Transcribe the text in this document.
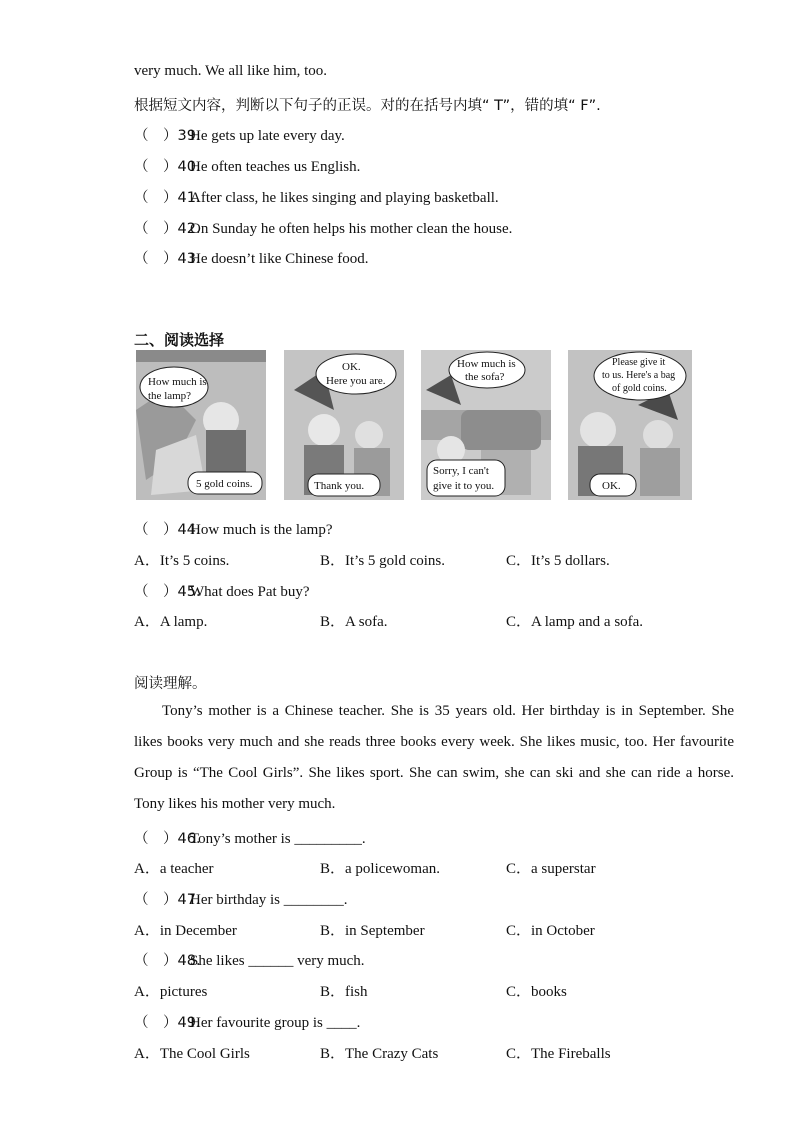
very much. We all like him, too.
根据短文内容，判断以下句子的正误。对的在括号内填“ T”，错的填“ F”.
（　）39．He gets up late every day.
（　）40．He often teaches us English.
（　）41．After class, he likes singing and playing basketball.
（　）42．On Sunday he often helps his mother clean the house.
（　）43．He doesn’t like Chinese food.
二、阅读选择
How much is
the lamp?
5 gold coins.
OK.
Here you are.
Thank you.
How much is
the sofa?
Sorry, I can't
give it to you.
Please give it
to us. Here's a bag
of gold coins.
OK.
（　）44．How much is the lamp?
A．It’s 5 coins.	B．It’s 5 gold coins.	C．It’s 5 dollars.
（　）45．What does Pat buy?
A．A lamp.	B．A sofa.	C．A lamp and a sofa.
阅读理解。
Tony’s mother is a Chinese teacher. She is 35 years old. Her birthday is in September. She likes books very much and she reads three books every week. She likes music, too. Her favourite Group is “The Cool Girls”. She likes sport. She can swim, she can ski and she can ride a horse. Tony likes his mother very much.
（　）46．Tony’s mother is _________.
A．a teacher	B．a policewoman.	C．a superstar
（　）47．Her birthday is ________.
A．in December	B．in September	C．in October
（　）48．She likes ______ very much.
A．pictures	B．fish	C．books
（　）49．Her favourite group is ____.
A．The Cool Girls	B．The Crazy Cats	C．The Fireballs
